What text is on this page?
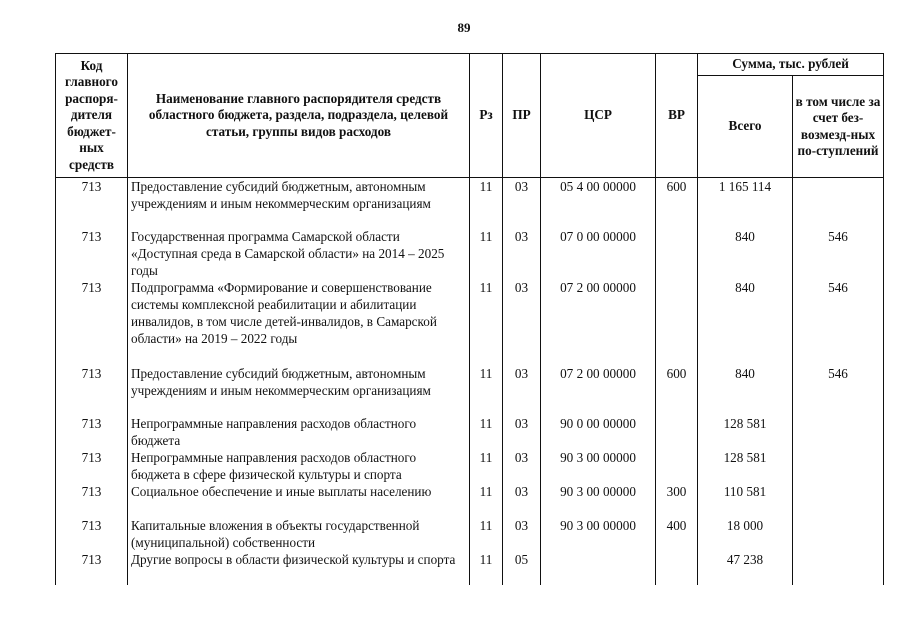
89
Код главного распоря-дителя бюджет-ных средств	Наименование главного распорядителя средств областного бюджета, раздела, подраздела, целевой статьи, группы видов расходов	Рз	ПР	ЦСР	ВР	Сумма, тыс. рублей	
						Всего	в том числе за счет без-возмезд-ных по-ступлений
713	Предоставление субсидий бюджетным, автономным учреждениям и иным некоммерческим организациям	11	03	05 4 00 00000	600	1 165 114	
713	Государственная программа Самарской области «Доступная среда в Самарской области» на 2014 – 2025 годы	11	03	07 0 00 00000		840	546
713	Подпрограмма «Формирование и совершенствование системы комплексной реабилитации и абилитации инвалидов, в том числе детей-инвалидов, в Самарской области» на 2019 – 2022 годы	11	03	07 2 00 00000		840	546
713	Предоставление субсидий бюджетным, автономным учреждениям и иным некоммерческим организациям	11	03	07 2 00 00000	600	840	546
713	Непрограммные направления расходов областного бюджета	11	03	90 0 00 00000		128 581	
713	Непрограммные направления расходов областного бюджета в сфере физической культуры и спорта	11	03	90 3 00 00000		128 581	
713	Социальное обеспечение и иные выплаты населению	11	03	90 3 00 00000	300	110 581	
713	Капитальные вложения в объекты государственной (муниципальной) собственности	11	03	90 3 00 00000	400	18 000	
713	Другие вопросы в области физической культуры и спорта	11	05			47 238	
